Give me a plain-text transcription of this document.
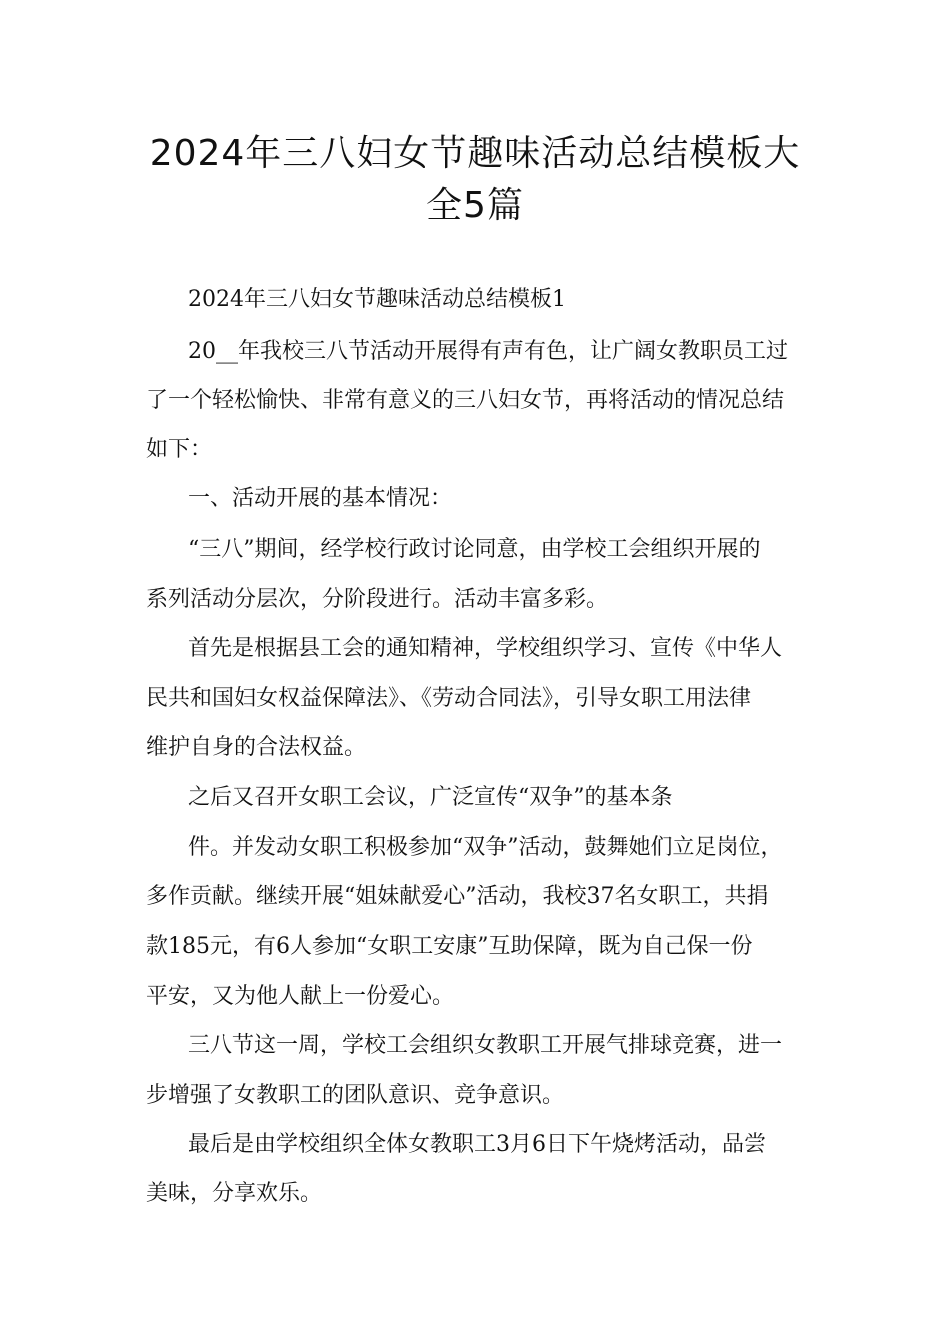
2024年三八妇女节趣味活动总结模板大
全5篇

2024年三八妇女节趣味活动总结模板1

20__年我校三八节活动开展得有声有色，让广阔女教职员工过

了一个轻松愉快、非常有意义的三八妇女节，再将活动的情况总结

如下：

一、活动开展的基本情况：

“三八”期间，经学校行政讨论同意，由学校工会组织开展的

系列活动分层次，分阶段进行。活动丰富多彩。

首先是根据县工会的通知精神，学校组织学习、宣传《中华人

民共和国妇女权益保障法》、《劳动合同法》，引导女职工用法律

维护自身的合法权益。

之后又召开女职工会议，广泛宣传“双争”的基本条

件。并发动女职工积极参加“双争”活动，鼓舞她们立足岗位，

多作贡献。继续开展“姐妹献爱心”活动，我校37名女职工，共捐

款185元，有6人参加“女职工安康”互助保障，既为自己保一份

平安，又为他人献上一份爱心。

三八节这一周，学校工会组织女教职工开展气排球竞赛，进一

步增强了女教职工的团队意识、竞争意识。

最后是由学校组织全体女教职工3月6日下午烧烤活动，品尝

美味，分享欢乐。
